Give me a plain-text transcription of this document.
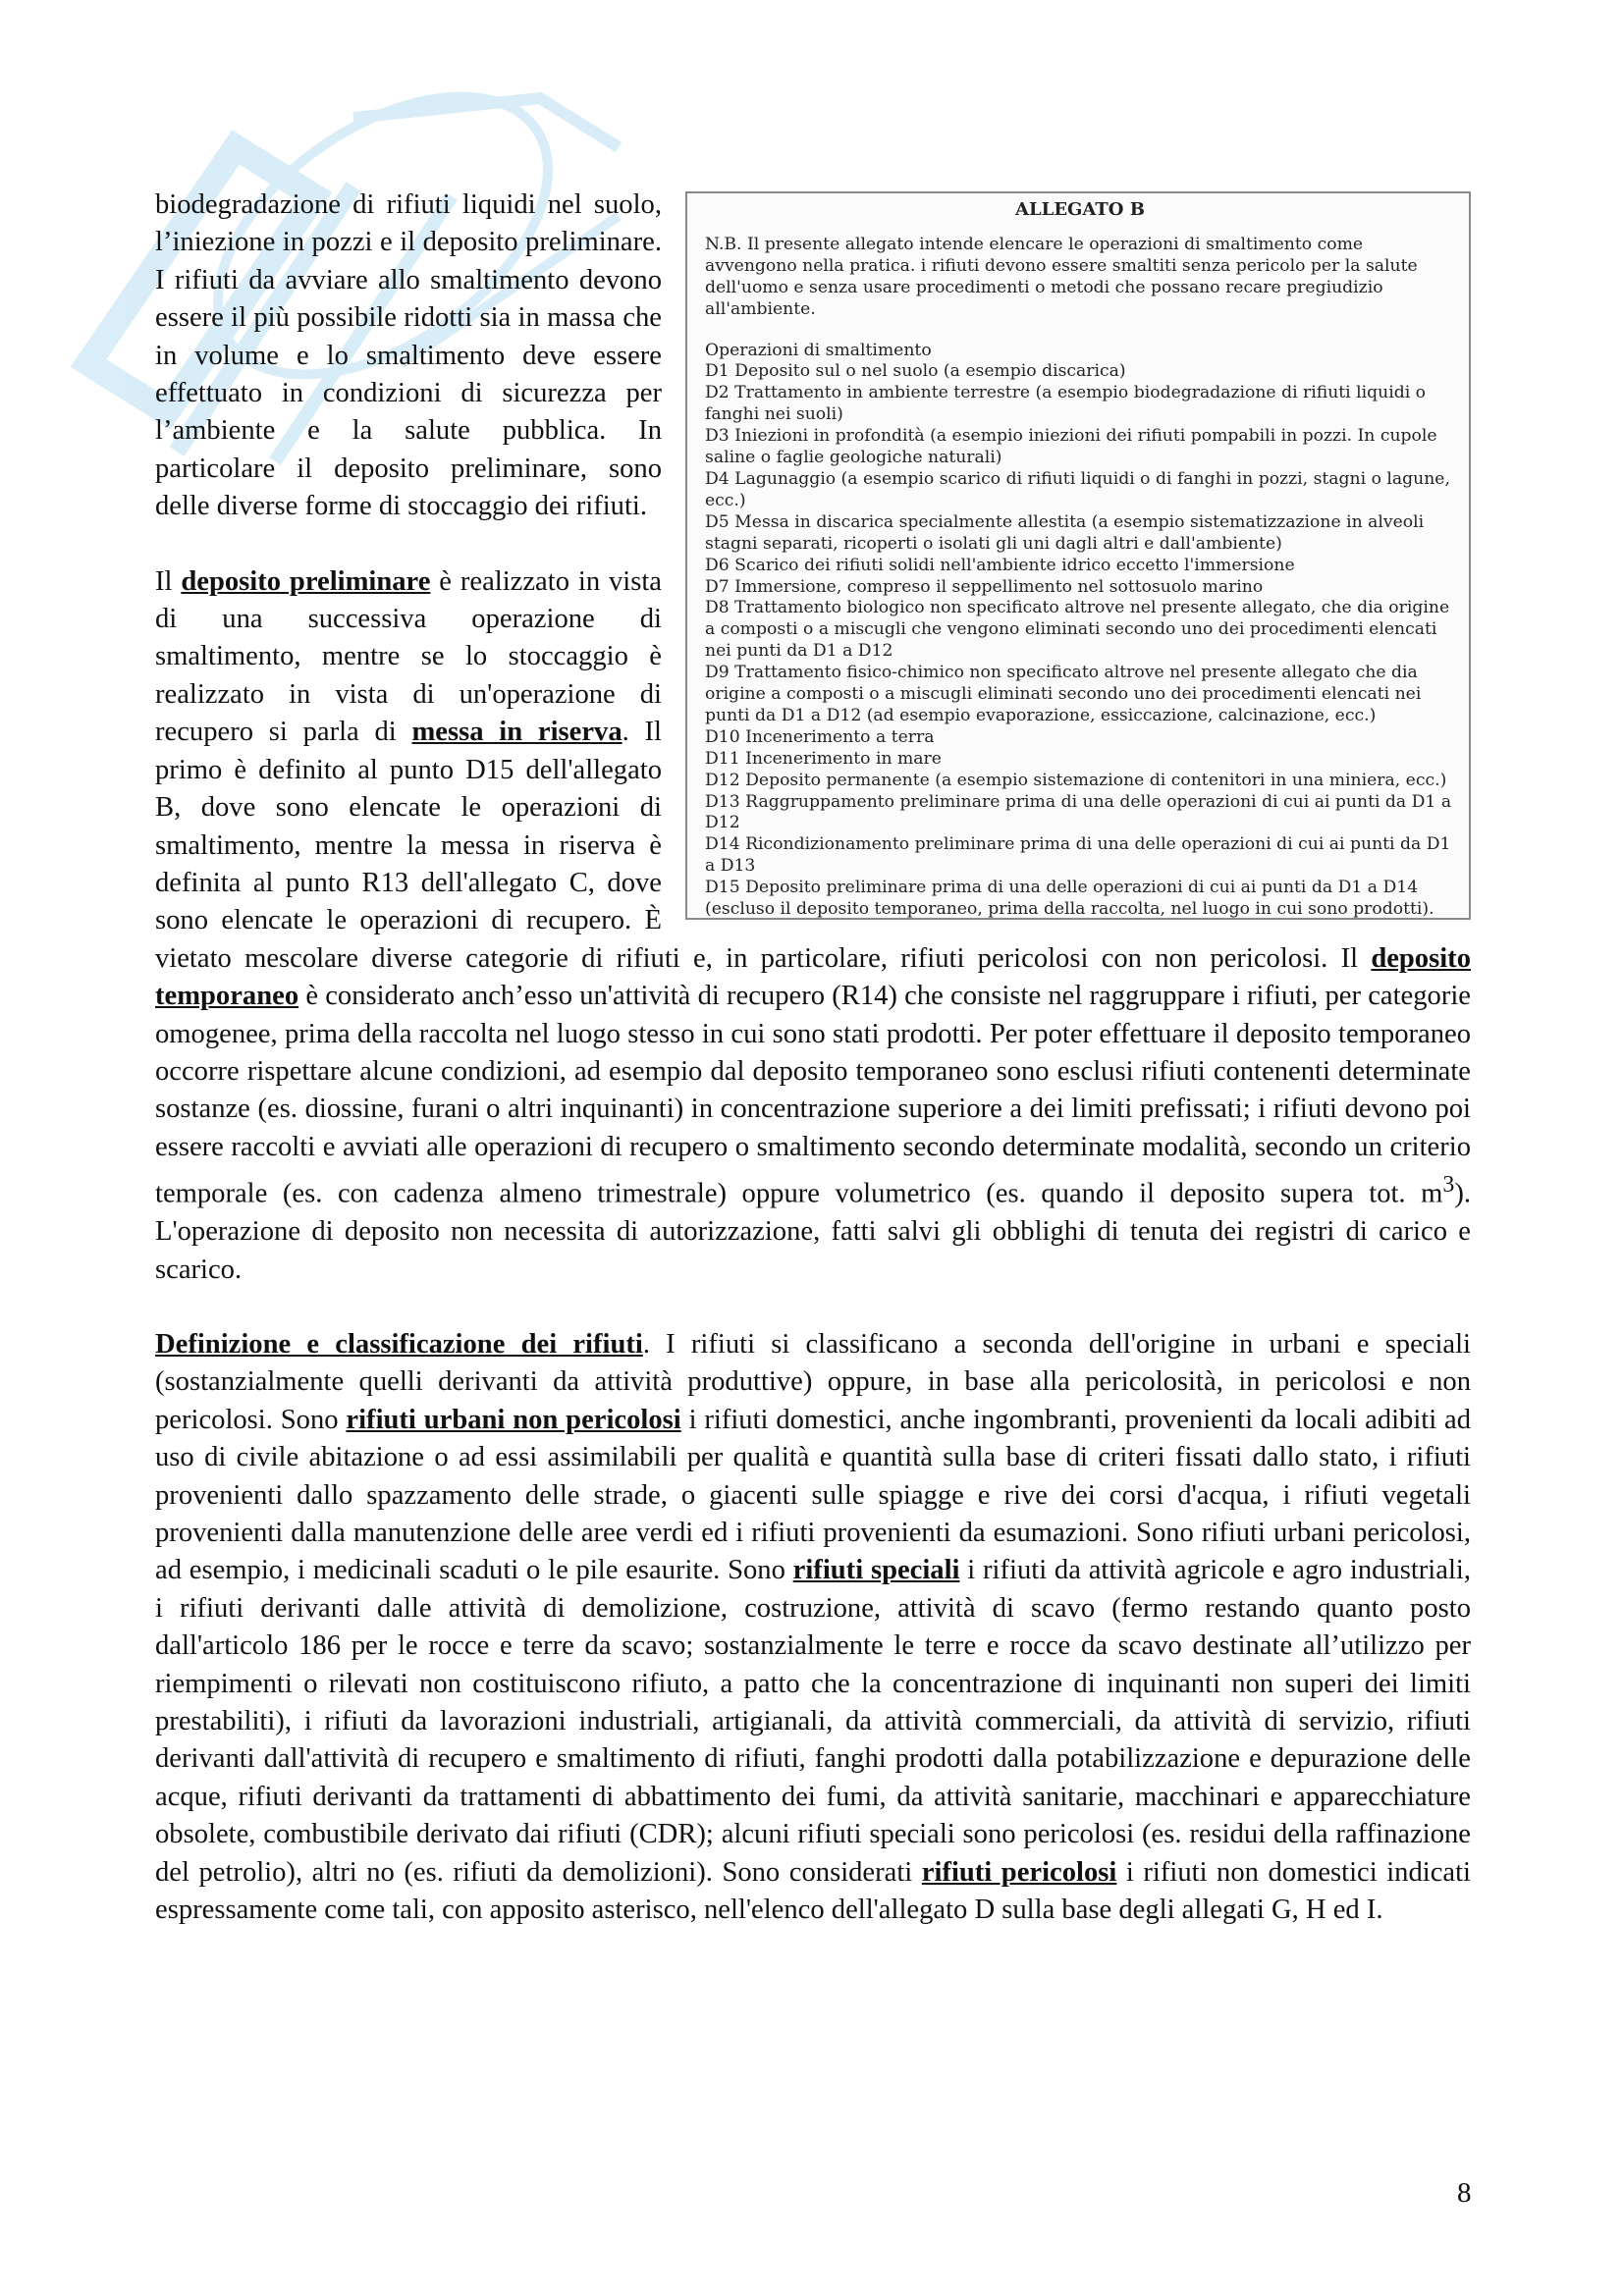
ALLEGATO B
N.B. Il presente allegato intende elencare le operazioni di smaltimento come avvengono nella pratica. i rifiuti devono essere smaltiti senza pericolo per la salute dell'uomo e senza usare procedimenti o metodi che possano recare pregiudizio all'ambiente.
Operazioni di smaltimento
D1 Deposito sul o nel suolo (a esempio discarica)
D2 Trattamento in ambiente terrestre (a esempio biodegradazione di rifiuti liquidi o fanghi nei suoli)
D3 Iniezioni in profondità (a esempio iniezioni dei rifiuti pompabili in pozzi. In cupole saline o faglie geologiche naturali)
D4 Lagunaggio (a esempio scarico di rifiuti liquidi o di fanghi in pozzi, stagni o lagune, ecc.)
D5 Messa in discarica specialmente allestita (a esempio sistematizzazione in alveoli stagni separati, ricoperti o isolati gli uni dagli altri e dall'ambiente)
D6 Scarico dei rifiuti solidi nell'ambiente idrico eccetto l'immersione
D7 Immersione, compreso il seppellimento nel sottosuolo marino
D8 Trattamento biologico non specificato altrove nel presente allegato, che dia origine a composti o a miscugli che vengono eliminati secondo uno dei procedimenti elencati nei punti da D1 a D12
D9 Trattamento fisico-chimico non specificato altrove nel presente allegato che dia origine a composti o a miscugli eliminati secondo uno dei procedimenti elencati nei punti da D1 a D12 (ad esempio evaporazione, essiccazione, calcinazione, ecc.)
D10 Incenerimento a terra
D11 Incenerimento in mare
D12 Deposito permanente (a esempio sistemazione di contenitori in una miniera, ecc.)
D13 Raggruppamento preliminare prima di una delle operazioni di cui ai punti da D1 a D12
D14 Ricondizionamento preliminare prima di una delle operazioni di cui ai punti da D1 a D13
D15 Deposito preliminare prima di una delle operazioni di cui ai punti da D1 a D14 (escluso il deposito temporaneo, prima della raccolta, nel luogo in cui sono prodotti).

biodegradazione di rifiuti liquidi nel suolo, l’iniezione in pozzi e il deposito preliminare. I rifiuti da avviare allo smaltimento devono essere il più possibile ridotti sia in massa che in volume e lo smaltimento deve essere effettuato in condizioni di sicurezza per l’ambiente e la salute pubblica. In particolare il deposito preliminare, sono delle diverse forme di stoccaggio dei rifiuti.

Il deposito preliminare è realizzato in vista di una successiva operazione di smaltimento, mentre se lo stoccaggio è realizzato in vista di un'operazione di recupero si parla di messa in riserva. Il primo è definito al punto D15 dell'allegato B, dove sono elencate le operazioni di smaltimento, mentre la messa in riserva è definita al punto R13 dell'allegato C, dove sono elencate le operazioni di recupero. È vietato mescolare diverse categorie di rifiuti e, in particolare, rifiuti pericolosi con non pericolosi. Il deposito temporaneo è considerato anch’esso un'attività di recupero (R14) che consiste nel raggruppare i rifiuti, per categorie omogenee, prima della raccolta nel luogo stesso in cui sono stati prodotti. Per poter effettuare il deposito temporaneo occorre rispettare alcune condizioni, ad esempio dal deposito temporaneo sono esclusi rifiuti contenenti determinate sostanze (es. diossine, furani o altri inquinanti) in concentrazione superiore a dei limiti prefissati; i rifiuti devono poi essere raccolti e avviati alle operazioni di recupero o smaltimento secondo determinate modalità, secondo un criterio temporale (es. con cadenza almeno trimestrale) oppure volumetrico (es. quando il deposito supera tot. $m^3$). L'operazione di deposito non necessita di autorizzazione, fatti salvi gli obblighi di tenuta dei registri di carico e scarico.

Definizione e classificazione dei rifiuti. I rifiuti si classificano a seconda dell'origine in urbani e speciali (sostanzialmente quelli derivanti da attività produttive) oppure, in base alla pericolosità, in pericolosi e non pericolosi. Sono rifiuti urbani non pericolosi i rifiuti domestici, anche ingombranti, provenienti da locali adibiti ad uso di civile abitazione o ad essi assimilabili per qualità e quantità sulla base di criteri fissati dallo stato, i rifiuti provenienti dallo spazzamento delle strade, o giacenti sulle spiagge e rive dei corsi d'acqua, i rifiuti vegetali provenienti dalla manutenzione delle aree verdi ed i rifiuti provenienti da esumazioni. Sono rifiuti urbani pericolosi, ad esempio, i medicinali scaduti o le pile esaurite. Sono rifiuti speciali i rifiuti da attività agricole e agro industriali, i rifiuti derivanti dalle attività di demolizione, costruzione, attività di scavo (fermo restando quanto posto dall'articolo 186 per le rocce e terre da scavo; sostanzialmente le terre e rocce da scavo destinate all’utilizzo per riempimenti o rilevati non costituiscono rifiuto, a patto che la concentrazione di inquinanti non superi dei limiti prestabiliti), i rifiuti da lavorazioni industriali, artigianali, da attività commerciali, da attività di servizio, rifiuti derivanti dall'attività di recupero e smaltimento di rifiuti, fanghi prodotti dalla potabilizzazione e depurazione delle acque, rifiuti derivanti da trattamenti di abbattimento dei fumi, da attività sanitarie, macchinari e apparecchiature obsolete, combustibile derivato dai rifiuti (CDR); alcuni rifiuti speciali sono pericolosi (es. residui della raffinazione del petrolio), altri no (es. rifiuti da demolizioni). Sono considerati rifiuti pericolosi i rifiuti non domestici indicati espressamente come tali, con apposito asterisco, nell'elenco dell'allegato D sulla base degli allegati G, H ed I.

8
